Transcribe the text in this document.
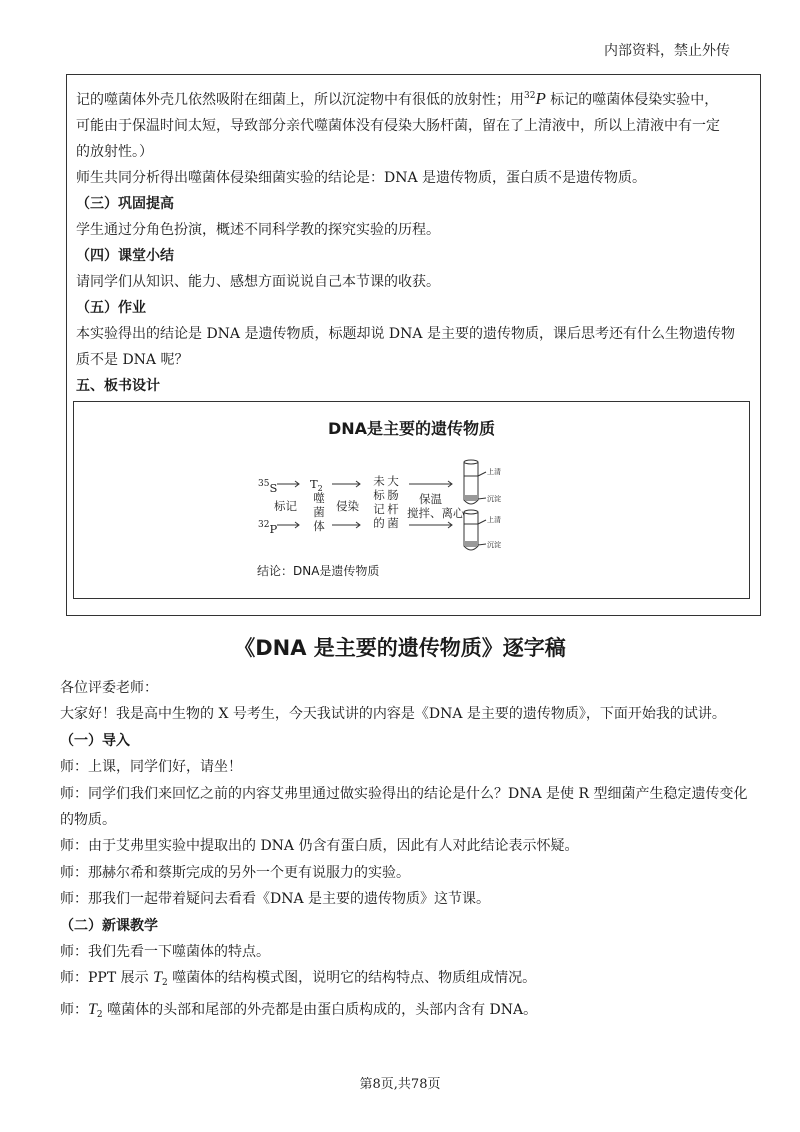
内部资料，禁止外传

记的噬菌体外壳几依然吸附在细菌上，所以沉淀物中有很低的放射性；用$^{32}$P 标记的噬菌体侵染实验中，

可能由于保温时间太短，导致部分亲代噬菌体没有侵染大肠杆菌，留在了上清液中，所以上清液中有一定

的放射性。）

师生共同分析得出噬菌体侵染细菌实验的结论是：DNA 是遗传物质，蛋白质不是遗传物质。

（三）巩固提高

学生通过分角色扮演，概述不同科学教的探究实验的历程。

（四）课堂小结

请同学们从知识、能力、感想方面说说自己本节课的收获。

（五）作业

本实验得出的结论是 DNA 是遗传物质，标题却说 DNA 是主要的遗传物质，课后思考还有什么生物遗传物

质不是 DNA 呢？

五、板书设计

DNA是主要的遗传物质
$^{35}$S
$^{32}$P
标记
$T_2$
噬
菌
体
侵染
未
标
记
的
大
肠
杆
菌
保温
搅拌、离心
上清
沉淀
上清
沉淀
结论：DNA是遗传物质
《DNA 是主要的遗传物质》逐字稿

各位评委老师：

大家好！我是高中生物的 X 号考生，今天我试讲的内容是《DNA 是主要的遗传物质》，下面开始我的试讲。

（一）导入

师：上课，同学们好，请坐！

师：同学们我们来回忆之前的内容艾弗里通过做实验得出的结论是什么？DNA 是使 R 型细菌产生稳定遗传变化

的物质。

师：由于艾弗里实验中提取出的 DNA 仍含有蛋白质，因此有人对此结论表示怀疑。

师：那赫尔希和蔡斯完成的另外一个更有说服力的实验。

师：那我们一起带着疑问去看看《DNA 是主要的遗传物质》这节课。

（二）新课教学

师：我们先看一下噬菌体的特点。

师：PPT 展示 $T_2$ 噬菌体的结构模式图，说明它的结构特点、物质组成情况。

师：$T_2$ 噬菌体的头部和尾部的外壳都是由蛋白质构成的，头部内含有 DNA。

第8页,共78页
